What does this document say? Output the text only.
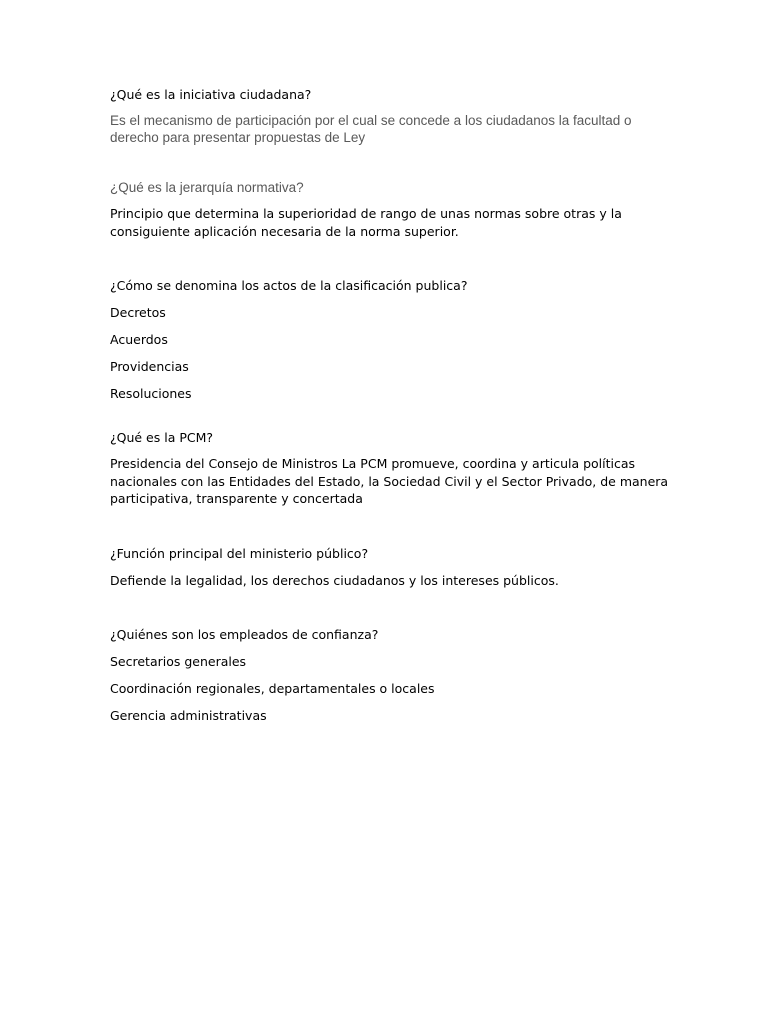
¿Qué es la iniciativa ciudadana?

Es el mecanismo de participación por el cual se concede a los ciudadanos la facultad o derecho para presentar propuestas de Ley

¿Qué es la jerarquía normativa?

Principio que determina la superioridad de rango de unas normas sobre otras y la consiguiente aplicación necesaria de la norma superior.

¿Cómo se denomina los actos de la clasificación publica?

Decretos

Acuerdos

Providencias

Resoluciones

¿Qué es la PCM?

Presidencia del Consejo de Ministros La PCM promueve, coordina y articula políticas nacionales con las Entidades del Estado, la Sociedad Civil y el Sector Privado, de manera participativa, transparente y concertada

¿Función principal del ministerio público?

Defiende la legalidad, los derechos ciudadanos y los intereses públicos.

¿Quiénes son los empleados de confianza?

Secretarios generales

Coordinación regionales, departamentales o locales

Gerencia administrativas
